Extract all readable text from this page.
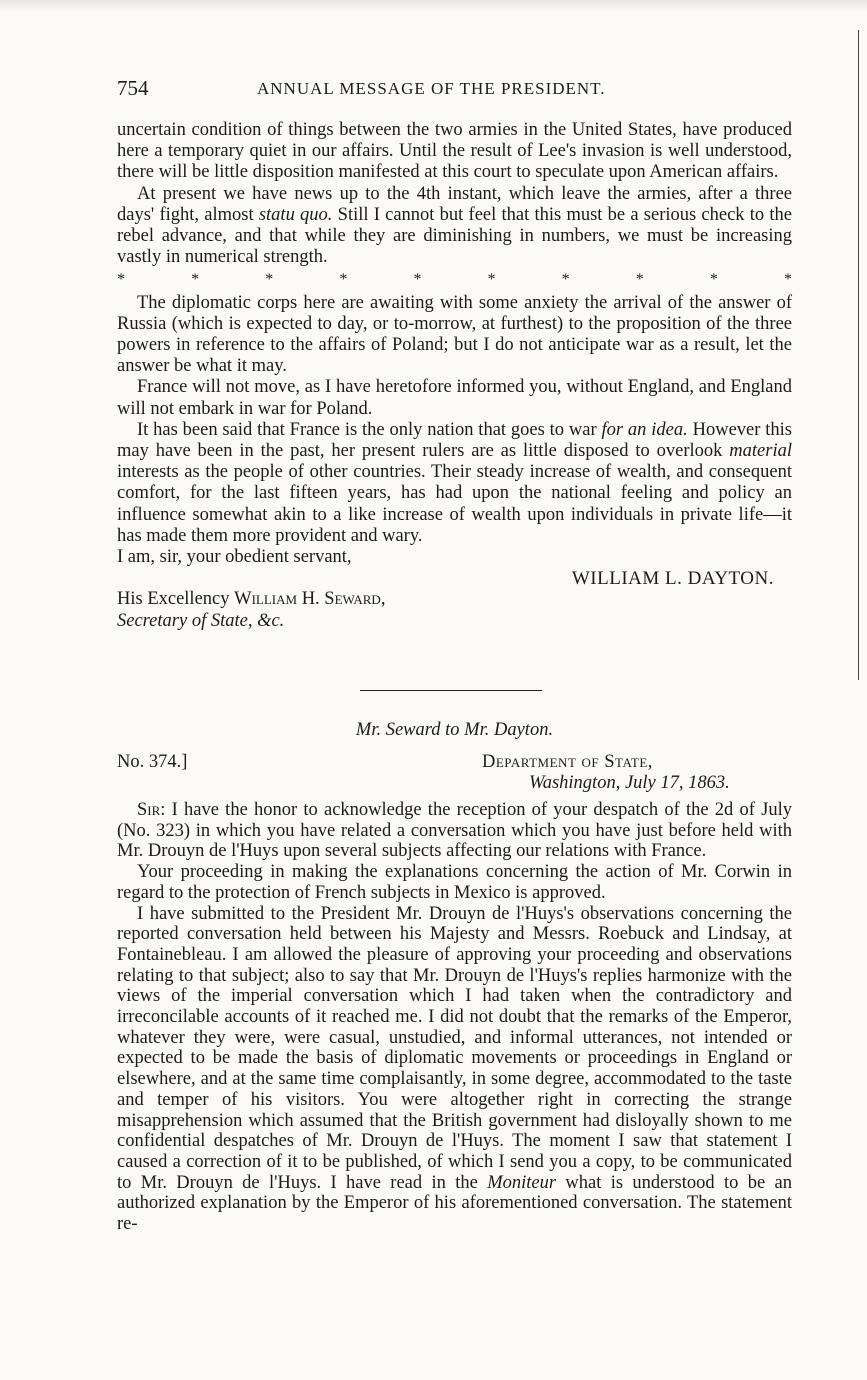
754	ANNUAL MESSAGE OF THE PRESIDENT.

uncertain condition of things between the two armies in the United States, have produced here a temporary quiet in our affairs. Until the result of Lee's invasion is well understood, there will be little disposition manifested at this court to speculate upon American affairs.

At present we have news up to the 4th instant, which leave the armies, after a three days' fight, almost statu quo. Still I cannot but feel that this must be a serious check to the rebel advance, and that while they are diminishing in numbers, we must be increasing vastly in numerical strength.

*	*	*	*	*	*	*	*	*	*

The diplomatic corps here are awaiting with some anxiety the arrival of the answer of Russia (which is expected to day, or to-morrow, at furthest) to the proposition of the three powers in reference to the affairs of Poland; but I do not anticipate war as a result, let the answer be what it may.

France will not move, as I have heretofore informed you, without England, and England will not embark in war for Poland.

It has been said that France is the only nation that goes to war for an idea. However this may have been in the past, her present rulers are as little disposed to overlook material interests as the people of other countries. Their steady increase of wealth, and consequent comfort, for the last fifteen years, has had upon the national feeling and policy an influence somewhat akin to a like increase of wealth upon individuals in private life—it has made them more provident and wary.

I am, sir, your obedient servant,

WILLIAM L. DAYTON.

His Excellency William H. Seward,

Secretary of State, &c.

Mr. Seward to Mr. Dayton.
No. 374.]	Department of State,
Washington, July 17, 1863.

Sir: I have the honor to acknowledge the reception of your despatch of the 2d of July (No. 323) in which you have related a conversation which you have just before held with Mr. Drouyn de l'Huys upon several subjects affecting our relations with France.

Your proceeding in making the explanations concerning the action of Mr. Corwin in regard to the protection of French subjects in Mexico is approved.

I have submitted to the President Mr. Drouyn de l'Huys's observations concerning the reported conversation held between his Majesty and Messrs. Roebuck and Lindsay, at Fontainebleau. I am allowed the pleasure of approving your proceeding and observations relating to that subject; also to say that Mr. Drouyn de l'Huys's replies harmonize with the views of the imperial conversation which I had taken when the contradictory and irreconcilable accounts of it reached me. I did not doubt that the remarks of the Emperor, whatever they were, were casual, unstudied, and informal utterances, not intended or expected to be made the basis of diplomatic movements or proceedings in England or elsewhere, and at the same time complaisantly, in some degree, accommodated to the taste and temper of his visitors. You were altogether right in correcting the strange misapprehension which assumed that the British government had disloyally shown to me confidential despatches of Mr. Drouyn de l'Huys. The moment I saw that statement I caused a correction of it to be published, of which I send you a copy, to be communicated to Mr. Drouyn de l'Huys. I have read in the Moniteur what is understood to be an authorized explanation by the Emperor of his aforementioned conversation. The statement re-
